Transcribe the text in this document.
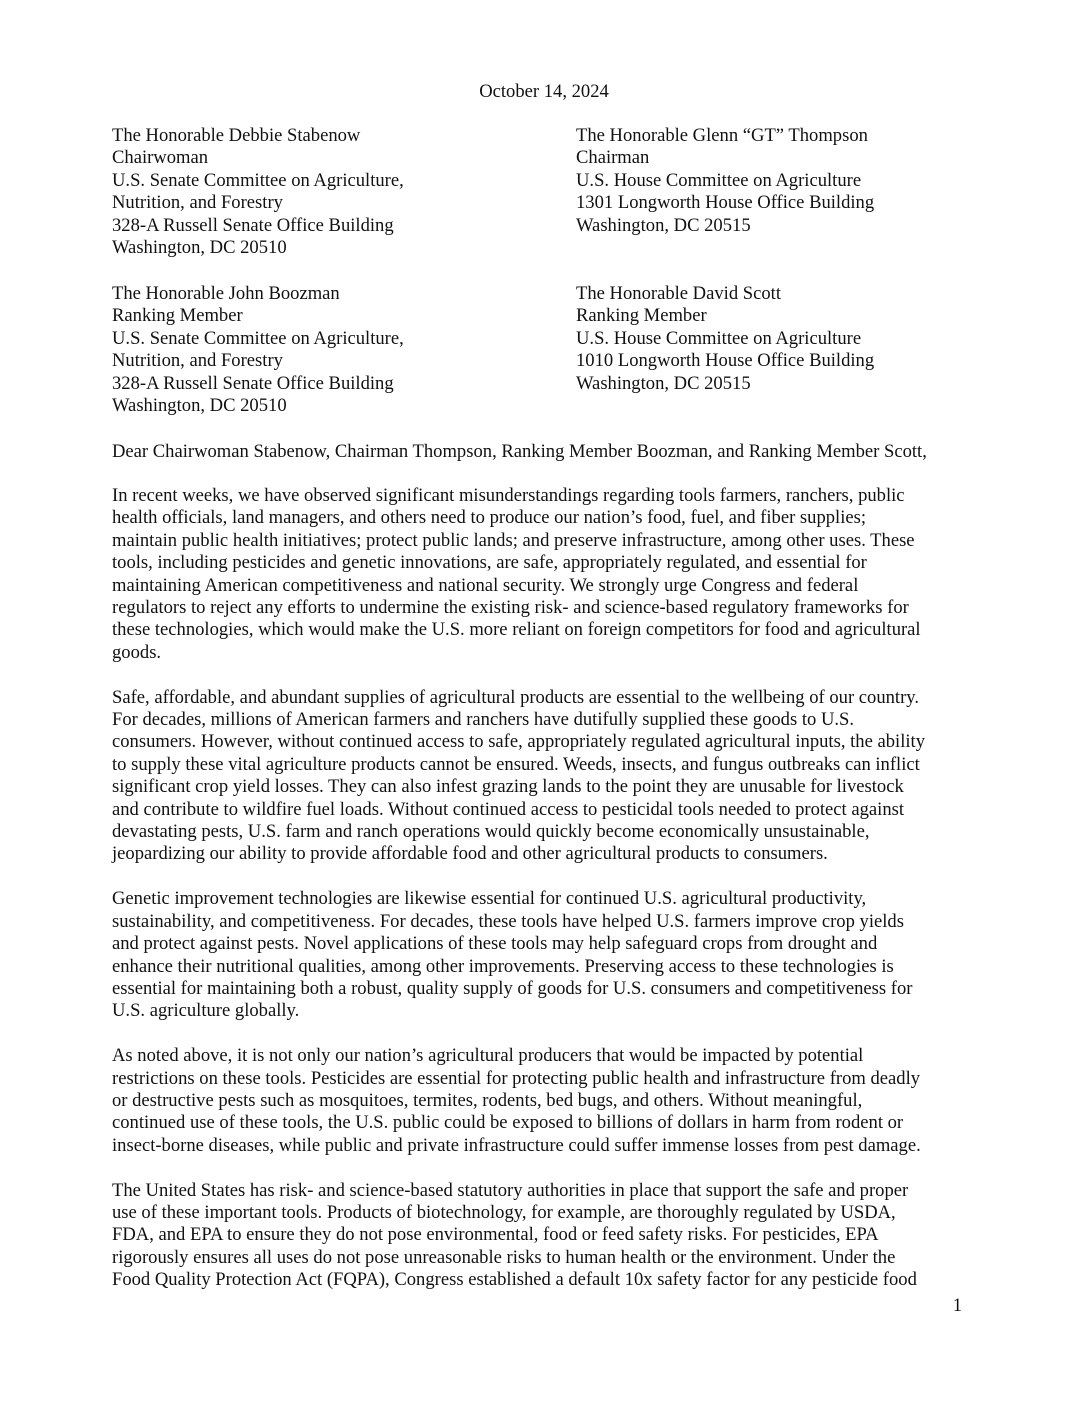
October 14, 2024

The Honorable Debbie Stabenow
Chairwoman
U.S. Senate Committee on Agriculture,
Nutrition, and Forestry
328-A Russell Senate Office Building
Washington, DC 20510

The Honorable Glenn “GT” Thompson
Chairman
U.S. House Committee on Agriculture
1301 Longworth House Office Building
Washington, DC 20515

The Honorable John Boozman
Ranking Member
U.S. Senate Committee on Agriculture,
Nutrition, and Forestry
328-A Russell Senate Office Building
Washington, DC 20510

The Honorable David Scott
Ranking Member
U.S. House Committee on Agriculture
1010 Longworth House Office Building
Washington, DC 20515

Dear Chairwoman Stabenow, Chairman Thompson, Ranking Member Boozman, and Ranking Member Scott,

In recent weeks, we have observed significant misunderstandings regarding tools farmers, ranchers, public
health officials, land managers, and others need to produce our nation’s food, fuel, and fiber supplies;
maintain public health initiatives; protect public lands; and preserve infrastructure, among other uses. These
tools, including pesticides and genetic innovations, are safe, appropriately regulated, and essential for
maintaining American competitiveness and national security. We strongly urge Congress and federal
regulators to reject any efforts to undermine the existing risk- and science-based regulatory frameworks for
these technologies, which would make the U.S. more reliant on foreign competitors for food and agricultural
goods.

Safe, affordable, and abundant supplies of agricultural products are essential to the wellbeing of our country.
For decades, millions of American farmers and ranchers have dutifully supplied these goods to U.S.
consumers. However, without continued access to safe, appropriately regulated agricultural inputs, the ability
to supply these vital agriculture products cannot be ensured. Weeds, insects, and fungus outbreaks can inflict
significant crop yield losses. They can also infest grazing lands to the point they are unusable for livestock
and contribute to wildfire fuel loads. Without continued access to pesticidal tools needed to protect against
devastating pests, U.S. farm and ranch operations would quickly become economically unsustainable,
jeopardizing our ability to provide affordable food and other agricultural products to consumers.

Genetic improvement technologies are likewise essential for continued U.S. agricultural productivity,
sustainability, and competitiveness. For decades, these tools have helped U.S. farmers improve crop yields
and protect against pests. Novel applications of these tools may help safeguard crops from drought and
enhance their nutritional qualities, among other improvements. Preserving access to these technologies is
essential for maintaining both a robust, quality supply of goods for U.S. consumers and competitiveness for
U.S. agriculture globally.

As noted above, it is not only our nation’s agricultural producers that would be impacted by potential
restrictions on these tools. Pesticides are essential for protecting public health and infrastructure from deadly
or destructive pests such as mosquitoes, termites, rodents, bed bugs, and others. Without meaningful,
continued use of these tools, the U.S. public could be exposed to billions of dollars in harm from rodent or
insect-borne diseases, while public and private infrastructure could suffer immense losses from pest damage.

The United States has risk- and science-based statutory authorities in place that support the safe and proper
use of these important tools. Products of biotechnology, for example, are thoroughly regulated by USDA,
FDA, and EPA to ensure they do not pose environmental, food or feed safety risks. For pesticides, EPA
rigorously ensures all uses do not pose unreasonable risks to human health or the environment. Under the
Food Quality Protection Act (FQPA), Congress established a default 10x safety factor for any pesticide food

1
